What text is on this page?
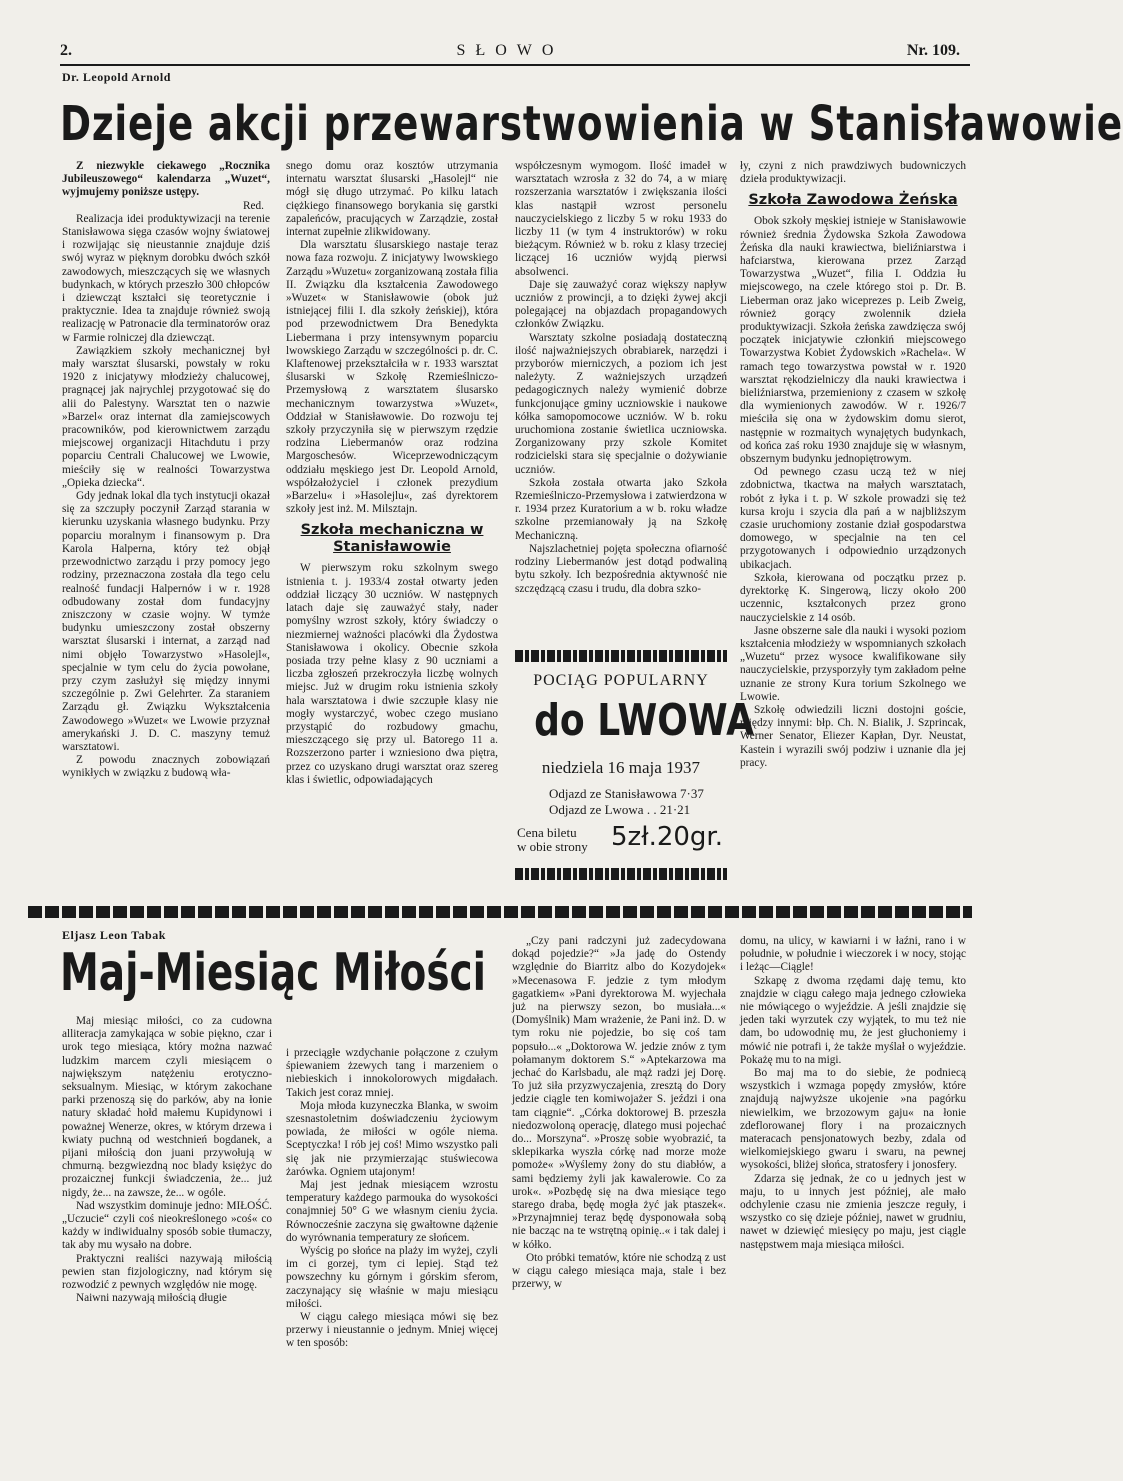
2.	SŁOWO	Nr. 109.
Dr. Leopold Arnold
Dzieje akcji przewarstwowienia w Stanisławowie

Z niezwykle ciekawego „Rocznika Jubileuszowego“ kalendarza „Wuzet“, wyjmujemy poniższe ustępy.

Red.

Realizacja idei produktywizacji na terenie Stanisławowa sięga czasów wojny światowej i rozwijając się nieustannie znajduje dziś swój wyraz w pięknym dorobku dwóch szkół zawodowych, mieszczących się we własnych budynkach, w których przeszło 300 chłopców i dziewcząt kształci się teoretycznie i praktycznie. Idea ta znajduje również swoją realizację w Patronacie dla terminatorów oraz w Farmie rolniczej dla dziewcząt.

Zawiązkiem szkoły mechanicznej był mały warsztat ślusarski, powstały w roku 1920 z inicjatywy młodzieży chalucowej, pragnącej jak najrychlej przygotować się do alii do Palestyny. Warsztat ten o nazwie »Barzel« oraz internat dla zamiejscowych pracowników, pod kierownictwem zarządu miejscowej organizacji Hitachdutu i przy poparciu Centrali Chalucowej we Lwowie, mieściły się w realności Towarzystwa „Opieka dziecka“.

Gdy jednak lokal dla tych instytucji okazał się za szczupły poczynił Zarząd starania w kierunku uzyskania własnego budynku. Przy poparciu moralnym i finansowym p. Dra Karola Halperna, który też objął przewodnictwo zarządu i przy pomocy jego rodziny, przeznaczona została dla tego celu realność fundacji Halpernów i w r. 1928 odbudowany został dom fundacyjny zniszczony w czasie wojny. W tymże budynku umieszczony został obszerny warsztat ślusarski i internat, a zarząd nad nimi objęło Towarzystwo »Hasolejl«, specjalnie w tym celu do życia powołane, przy czym zasłużył się między innymi szczególnie p. Zwi Gelehrter. Za staraniem Zarządu gł. Związku Wykształcenia Zawodowego »Wuzet« we Lwowie przyznał amerykański J. D. C. maszyny temuż warsztatowi.

Z powodu znacznych zobowiązań wynikłych w związku z budową wła-

snego domu oraz kosztów utrzymania internatu warsztat ślusarski „Hasolejl“ nie mógł się długo utrzymać. Po kilku latach ciężkiego finansowego borykania się garstki zapaleńców, pracujących w Zarządzie, został internat zupełnie zlikwidowany.

Dla warsztatu ślusarskiego nastaje teraz nowa faza rozwoju. Z inicjatywy lwowskiego Zarządu »Wuzetu« zorganizowaną została filia II. Związku dla kształcenia Zawodowego »Wuzet« w Stanisławowie (obok już istniejącej filii I. dla szkoły żeńskiej), która pod przewodnictwem Dra Benedykta Liebermana i przy intensywnym poparciu lwowskiego Zarządu w szczególności p. dr. C. Klaftenowej przekształciła w r. 1933 warsztat ślusarski w Szkołę Rzemieślniczo-Przemysłową z warsztatem ślusarsko mechanicznym towarzystwa »Wuzet«, Oddział w Stanisławowie. Do rozwoju tej szkoły przyczyniła się w pierwszym rzędzie rodzina Liebermanów oraz rodzina Margoschesów. Wiceprzewodniczącym oddziału męskiego jest Dr. Leopold Arnold, współzałożyciel i członek prezydium »Barzelu« i »Hasolejlu«, zaś dyrektorem szkoły jest inż. M. Milsztajn.

Szkoła mechaniczna w Stanisławowie

W pierwszym roku szkolnym swego istnienia t. j. 1933/4 został otwarty jeden oddział liczący 30 uczniów. W następnych latach daje się zauważyć stały, nader pomyślny wzrost szkoły, który świadczy o niezmiernej ważności placówki dla Żydostwa Stanisławowa i okolicy. Obecnie szkoła posiada trzy pełne klasy z 90 uczniami a liczba zgłoszeń przekroczyła liczbę wolnych miejsc. Już w drugim roku istnienia szkoły hala warsztatowa i dwie szczupłe klasy nie mogły wystarczyć, wobec czego musiano przystąpić do rozbudowy gmachu, mieszczącego się przy ul. Batorego 11 a. Rozszerzono parter i wzniesiono dwa piętra, przez co uzyskano drugi warsztat oraz szereg klas i świetlic, odpowiadających

współczesnym wymogom. Ilość imadeł w warsztatach wzrosła z 32 do 74, a w miarę rozszerzania warsztatów i zwiększania ilości klas nastąpił wzrost personelu nauczycielskiego z liczby 5 w roku 1933 do liczby 11 (w tym 4 instruktorów) w roku bieżącym. Również w b. roku z klasy trzeciej liczącej 16 uczniów wyjdą pierwsi absolwenci.

Daje się zauważyć coraz większy napływ uczniów z prowincji, a to dzięki żywej akcji polegającej na objazdach propagandowych członków Związku.

Warsztaty szkolne posiadają dostateczną ilość najważniejszych obrabiarek, narzędzi i przyborów mierniczych, a poziom ich jest należyty. Z ważniejszych urządzeń pedagogicznych należy wymienić dobrze funkcjonujące gminy uczniowskie i naukowe kółka samopomocowe uczniów. W b. roku uruchomiona zostanie świetlica uczniowska. Zorganizowany przy szkole Komitet rodzicielski stara się specjalnie o dożywianie uczniów.

Szkoła została otwarta jako Szkoła Rzemieślniczo-Przemysłowa i zatwierdzona w r. 1934 przez Kuratorium a w b. roku władze szkolne przemianowały ją na Szkołę Mechaniczną.

Najszlachetniej pojęta społeczna ofiarność rodziny Liebermanów jest dotąd podwaliną bytu szkoły. Ich bezpośrednia aktywność nie szczędzącą czasu i trudu, dla dobra szko-

POCIĄG POPULARNY
do LWOWA
niedziela 16 maja 1937
Odjazd ze Stanisławowa 7·37
Odjazd ze Lwowa . . 21·21
Cena biletu
w obie strony 5zł.20gr.

ły, czyni z nich prawdziwych budowniczych dzieła produktywizacji.

Szkoła Zawodowa Żeńska

Obok szkoły męskiej istnieje w Stanisławowie również średnia Żydowska Szkoła Zawodowa Żeńska dla nauki krawiectwa, bieliźniarstwa i hafciarstwa, kierowana przez Zarząd Towarzystwa „Wuzet“, filia I. Oddzia łu miejscowego, na czele którego stoi p. Dr. B. Lieberman oraz jako wiceprezes p. Leib Zweig, również gorący zwolennik dzieła produktywizacji. Szkoła żeńska zawdzięcza swój początek inicjatywie członkiń miejscowego Towarzystwa Kobiet Żydowskich »Rachela«. W ramach tego towarzystwa powstał w r. 1920 warsztat rękodzielniczy dla nauki krawiectwa i bieliźniarstwa, przemieniony z czasem w szkołę dla wymienionych zawodów. W r. 1926/7 mieściła się ona w żydowskim domu sierot, następnie w rozmaitych wynajętych budynkach, od końca zaś roku 1930 znajduje się w własnym, obszernym budynku jednopiętrowym.

Od pewnego czasu uczą też w niej zdobnictwa, tkactwa na małych warsztatach, robót z łyka i t. p. W szkole prowadzi się też kursa kroju i szycia dla pań a w najbliższym czasie uruchomiony zostanie dział gospodarstwa domowego, w specjalnie na ten cel przygotowanych i odpowiednio urządzonych ubikacjach.

Szkoła, kierowana od początku przez p. dyrektorkę K. Singerową, liczy około 200 uczennic, kształconych przez grono nauczycielskie z 14 osób.

Jasne obszerne sale dla nauki i wysoki poziom kształcenia młodzieży w wspomnianych szkołach „Wuzetu“ przez wysoce kwalifikowane siły nauczycielskie, przysporzyły tym zakładom pełne uznanie ze strony Kura torium Szkolnego we Lwowie.

Szkołę odwiedzili liczni dostojni goście, między innymi: błp. Ch. N. Bialik, J. Szprincak, Werner Senator, Eliezer Kapłan, Dyr. Neustat, Kastein i wyrazili swój podziw i uznanie dla jej pracy.

Eljasz Leon Tabak
Maj-Miesiąc Miłości

Maj miesiąc miłości, co za cudowna alliteracja zamykająca w sobie piękno, czar i urok tego miesiąca, który można nazwać ludzkim marcem czyli miesiącem o największym natężeniu erotyczno-seksualnym. Miesiąc, w którym zakochane parki przenoszą się do parków, aby na łonie natury składać hołd małemu Kupidynowi i poważnej Wenerze, okres, w którym drzewa i kwiaty puchną od westchnień bogdanek, a pijani miłością don juani przywołują w chmurną. bezgwiezdną noc blady księżyc do prozaicznej funkcji świadczenia, że... już nigdy, że... na zawsze, że... w ogóle.

Nad wszystkim dominuje jedno: MIŁOŚĆ. „Uczucie“ czyli coś nieokreślonego »coś« co każdy w indiwidualny sposób sobie tłumaczy, tak aby mu wysało na dobre.

Praktyczni realiści nazywają miłością pewien stan fizjologiczny, nad którym się rozwodzić z pewnych względów nie mogę.

Naiwni nazywają miłością długie

i przeciągłe wzdychanie połączone z czułym śpiewaniem żzewych tang i marzeniem o niebieskich i innokolorowych migdałach. Takich jest coraz mniej.

Moja młoda kuzyneczka Blanka, w swoim szesnastoletnim doświadczeniu życiowym powiada, że miłości w ogóle niema. Sceptyczka! I rób jej coś! Mimo wszystko pali się jak nie przymierzając stuświecowa żarówka. Ogniem utajonym!

Maj jest jednak miesiącem wzrostu temperatury każdego parmouka do wysokości conajmniej 50° G we własnym cieniu życia. Równocześnie zaczyna się gwałtowne dążenie do wyrównania temperatury ze słońcem.

Wyścig po słońce na plaży im wyżej, czyli im ci gorzej, tym ci lepiej. Stąd też powszechny ku górnym i górskim sferom, zaczynający się właśnie w maju miesiącu miłości.

W ciągu całego miesiąca mówi się bez przerwy i nieustannie o jednym. Mniej więcej w ten sposób:

„Czy pani radczyni już zadecydowana dokąd pojedzie?“ »Ja jadę do Ostendy względnie do Biarritz albo do Kozydojek« »Mecenasowa F. jedzie z tym młodym gagatkiem« »Pani dyrektorowa M. wyjechała już na pierwszy sezon, bo musiała...« (Domyślnik) Mam wrażenie, że Pani inż. D. w tym roku nie pojedzie, bo się coś tam popsuło...« „Doktorowa W. jedzie znów z tym połamanym doktorem S.“ »Aptekarzowa ma jechać do Karlsbadu, ale mąż radzi jej Dorę. To już siła przyzwyczajenia, zresztą do Dory jedzie ciągle ten komiwojażer S. jeździ i ona tam ciągnie“. „Córka doktorowej B. przeszła niedozwoloną operację, dlatego musi pojechać do... Morszyna“. »Proszę sobie wyobrazić, ta sklepikarka wyszła córkę nad morze może pomoże« »Wyślemy żony do stu diabłów, a sami będziemy żyli jak kawalerowie. Co za urok«. »Pozbędę się na dwa miesiące tego starego draba, będę mogła żyć jak ptaszek«. »Przynajmniej teraz będę dysponowała sobą nie bacząc na te wstrętną opinię..« i tak dalej i w kółko.

Oto próbki tematów, które nie schodzą z ust w ciągu całego miesiąca maja, stale i bez przerwy, w

domu, na ulicy, w kawiarni i w łaźni, rano i w południe, w południe i wieczorek i w nocy, stojąc i leżąc—Ciągle!

Szkapę z dwoma rzędami daję temu, kto znajdzie w ciągu całego maja jednego człowieka nie mówiącego o wyjeździe. A jeśli znajdzie się jeden taki wyrzutek czy wyjątek, to mu też nie dam, bo udowodnię mu, że jest głuchoniemy i mówić nie potrafi i, że także myślał o wyjeździe. Pokażę mu to na migi.

Bo maj ma to do siebie, że podniecą wszystkich i wzmaga popędy zmysłów, które znajdują najwyższe ukojenie »na pagórku niewielkim, we brzozowym gaju« na łonie zdeflorowanej flory i na prozaicznych materacach pensjonatowych bezby, zdala od wielkomiejskiego gwaru i swaru, na pewnej wysokości, bliżej słońca, stratosfery i jonosfery.

Zdarza się jednak, że co u jednych jest w maju, to u innych jest później, ale mało odchylenie czasu nie zmienia jeszcze reguły, i wszystko co się dzieje później, nawet w grudniu, nawet w dziewięć miesięcy po maju, jest ciągle następstwem maja miesiąca miłości.
